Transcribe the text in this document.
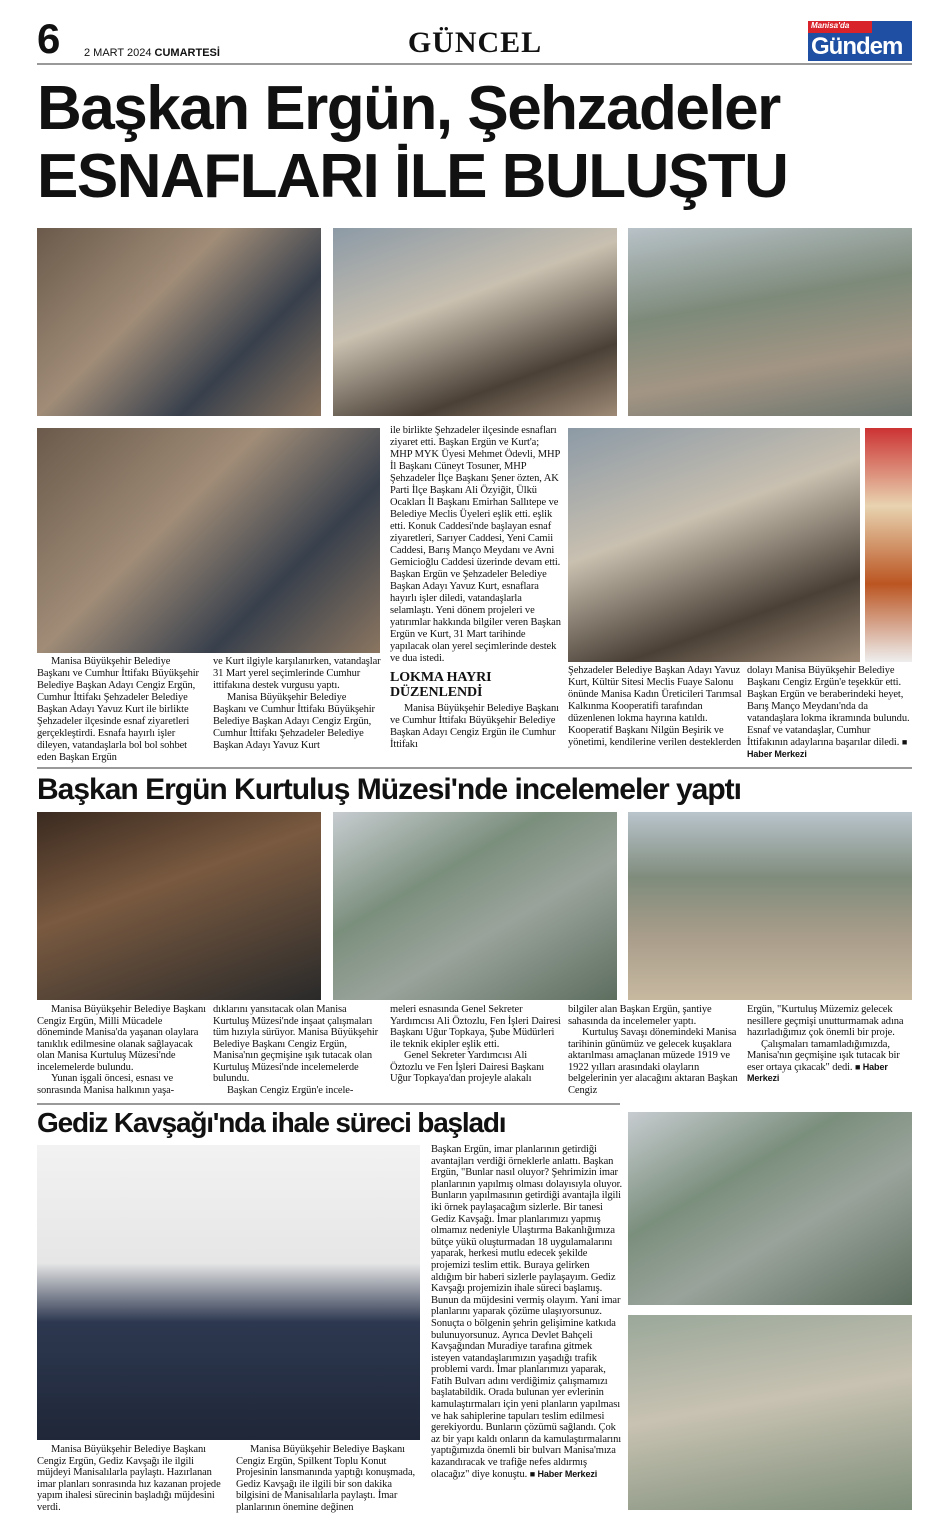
6 2 MART 2024 CUMARTESİ	GÜNCEL
Manisa'da
Gündem
Başkan Ergün, Şehzadeler
ESNAFLARI İLE BULUŞTU

Manisa Büyükşehir Belediye Başkanı ve Cumhur İttifakı Büyükşehir Belediye Başkan Adayı Cengiz Ergün, Cumhur İttifakı Şehzadeler Belediye Başkan Adayı Yavuz Kurt ile birlikte Şehzadeler ilçesinde esnaf ziyaretleri gerçekleştirdi. Esnafa hayırlı işler dileyen, vatandaşlarla bol bol sohbet eden Başkan Ergün

ve Kurt ilgiyle karşılanırken, vatandaşlar 31 Mart yerel seçimlerinde Cumhur ittifakına destek vurgusu yaptı.

Manisa Büyükşehir Belediye Başkanı ve Cumhur İttifakı Büyükşehir Belediye Başkan Adayı Cengiz Ergün, Cumhur İttifakı Şehzadeler Belediye Başkan Adayı Yavuz Kurt

ile birlikte Şehzadeler ilçesinde esnafları ziyaret etti. Başkan Ergün ve Kurt'a; MHP MYK Üyesi Mehmet Ödevli, MHP İl Başkanı Cüneyt Tosuner, MHP Şehzadeler İlçe Başkanı Şener özten, AK Parti İlçe Başkanı Ali Özyiğit, Ülkü Ocakları İl Başkanı Emirhan Sallıtepe ve Belediye Meclis Üyeleri eşlik etti. eşlik etti. Konuk Caddesi'nde başlayan esnaf ziyaretleri, Sarıyer Caddesi, Yeni Camii Caddesi, Barış Manço Meydanı ve Avni Gemicioğlu Caddesi üzerinde devam etti. Başkan Ergün ve Şehzadeler Belediye Başkan Adayı Yavuz Kurt, esnaflara hayırlı işler diledi, vatandaşlarla selamlaştı. Yeni dönem projeleri ve yatırımlar hakkında bilgiler veren Başkan Ergün ve Kurt, 31 Mart tarihinde yapılacak olan yerel seçimlerinde destek ve dua istedi.

LOKMA HAYRI DÜZENLENDİ

Manisa Büyükşehir Belediye Başkanı ve Cumhur İttifakı Büyükşehir Belediye Başkan Adayı Cengiz Ergün ile Cumhur İttifakı

Şehzadeler Belediye Başkan Adayı Yavuz Kurt, Kültür Sitesi Meclis Fuaye Salonu önünde Manisa Kadın Üreticileri Tarımsal Kalkınma Kooperatifi tarafından düzenlenen lokma hayrına katıldı. Kooperatif Başkanı Nilgün Beşirik ve yönetimi, kendilerine verilen desteklerden

dolayı Manisa Büyükşehir Belediye Başkanı Cengiz Ergün'e teşekkür etti. Başkan Ergün ve beraberindeki heyet, Barış Manço Meydanı'nda da vatandaşlara lokma ikramında bulundu. Esnaf ve vatandaşlar, Cumhur İttifakının adaylarına başarılar diledi. ■ Haber Merkezi

Başkan Ergün Kurtuluş Müzesi'nde incelemeler yaptı

Manisa Büyükşehir Belediye Başkanı Cengiz Ergün, Milli Mücadele döneminde Manisa'da yaşanan olaylara tanıklık edilmesine olanak sağlayacak olan Manisa Kurtuluş Müzesi'nde incelemelerde bulundu.

Yunan işgali öncesi, esnası ve sonrasında Manisa halkının yaşa-

dıklarını yansıtacak olan Manisa Kurtuluş Müzesi'nde inşaat çalışmaları tüm hızıyla sürüyor. Manisa Büyükşehir Belediye Başkanı Cengiz Ergün, Manisa'nın geçmişine ışık tutacak olan Kurtuluş Müzesi'nde incelemelerde bulundu.

Başkan Cengiz Ergün'e incele-

meleri esnasında Genel Sekreter Yardımcısı Ali Öztozlu, Fen İşleri Dairesi Başkanı Uğur Topkaya, Şube Müdürleri ile teknik ekipler eşlik etti.

Genel Sekreter Yardımcısı Ali Öztozlu ve Fen İşleri Dairesi Başkanı Uğur Topkaya'dan projeyle alakalı

bilgiler alan Başkan Ergün, şantiye sahasında da incelemeler yaptı.

Kurtuluş Savaşı dönemindeki Manisa tarihinin günümüz ve gelecek kuşaklara aktarılması amaçlanan müzede 1919 ve 1922 yılları arasındaki olayların belgelerinin yer alacağını aktaran Başkan Cengiz

Ergün, "Kurtuluş Müzemiz gelecek nesillere geçmişi unutturmamak adına hazırladığımız çok önemli bir proje.

Çalışmaları tamamladığımızda, Manisa'nın geçmişine ışık tutacak bir eser ortaya çıkacak" dedi. ■ Haber Merkezi

Gediz Kavşağı'nda ihale süreci başladı

Manisa Büyükşehir Belediye Başkanı Cengiz Ergün, Gediz Kavşağı ile ilgili müjdeyi Manisalılarla paylaştı. Hazırlanan imar planları sonrasında hız kazanan projede yapım ihalesi sürecinin başladığı müjdesini verdi.

Manisa Büyükşehir Belediye Başkanı Cengiz Ergün, Spilkent Toplu Konut Projesinin lansmanında yaptığı konuşmada, Gediz Kavşağı ile ilgili bir son dakika bilgisini de Manisalılarla paylaştı. İmar planlarının önemine değinen

Başkan Ergün, imar planlarının getirdiği avantajları verdiği örneklerle anlattı. Başkan Ergün, "Bunlar nasıl oluyor? Şehrimizin imar planlarının yapılmış olması dolayısıyla oluyor. Bunların yapılmasının getirdiği avantajla ilgili iki örnek paylaşacağım sizlerle. Bir tanesi Gediz Kavşağı. İmar planlarımızı yapmış olmamız nedeniyle Ulaştırma Bakanlığımıza bütçe yükü oluşturmadan 18 uygulamalarını yaparak, herkesi mutlu edecek şekilde projemizi teslim ettik. Buraya gelirken aldığım bir haberi sizlerle paylaşayım. Gediz Kavşağı projemizin ihale süreci başlamış. Bunun da müjdesini vermiş olayım. Yani imar planlarını yaparak çözüme ulaşıyorsunuz. Sonuçta o bölgenin şehrin gelişimine katkıda bulunuyorsunuz. Ayrıca Devlet Bahçeli Kavşağından Muradiye tarafına gitmek isteyen vatandaşlarımızın yaşadığı trafik problemi vardı. İmar planlarımızı yaparak, Fatih Bulvarı adını verdiğimiz çalışmamızı başlatabildik. Orada bulunan yer evlerinin kamulaştırmaları için yeni planların yapılması ve hak sahiplerine tapuları teslim edilmesi gerekiyordu. Bunların çözümü sağlandı. Çok az bir yapı kaldı onların da kamulaştırmalarını yaptığımızda önemli bir bulvarı Manisa'mıza kazandıracak ve trafiğe nefes aldırmış olacağız" diye konuştu. ■ Haber Merkezi
